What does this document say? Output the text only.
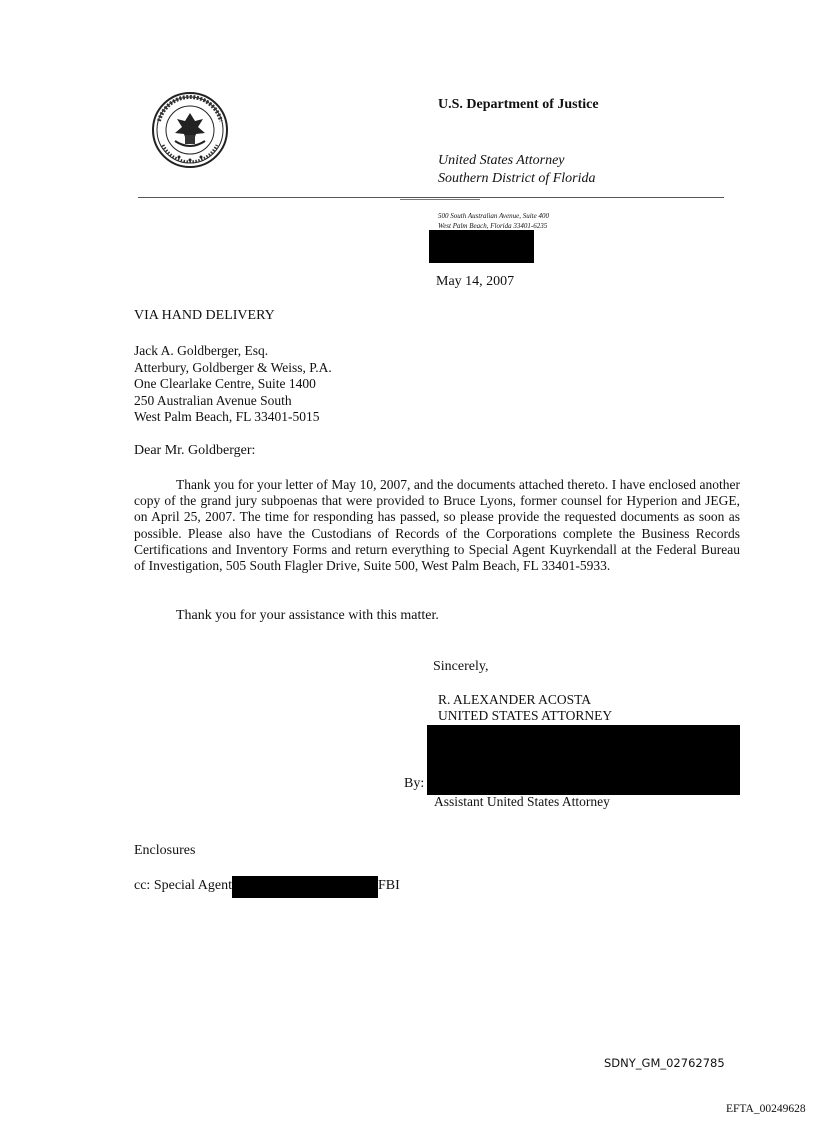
U.S. Department of Justice
United States Attorney
Southern District of Florida
500 South Australian Avenue, Suite 400
West Palm Beach, Florida 33401-6235
May 14, 2007
VIA HAND DELIVERY
Jack A. Goldberger, Esq.
Atterbury, Goldberger & Weiss, P.A.
One Clearlake Centre, Suite 1400
250 Australian Avenue South
West Palm Beach, FL 33401-5015
Dear Mr. Goldberger:
Thank you for your letter of May 10, 2007, and the documents attached thereto. I have enclosed another copy of the grand jury subpoenas that were provided to Bruce Lyons, former counsel for Hyperion and JEGE, on April 25, 2007. The time for responding has passed, so please provide the requested documents as soon as possible. Please also have the Custodians of Records of the Corporations complete the Business Records Certifications and Inventory Forms and return everything to Special Agent Kuyrkendall at the Federal Bureau of Investigation, 505 South Flagler Drive, Suite 500, West Palm Beach, FL 33401-5933.
Thank you for your assistance with this matter.
Sincerely,
R. ALEXANDER ACOSTA
UNITED STATES ATTORNEY
By:
Assistant United States Attorney
Enclosures
cc: Special Agent	FBI
SDNY_GM_02762785
EFTA_00249628
